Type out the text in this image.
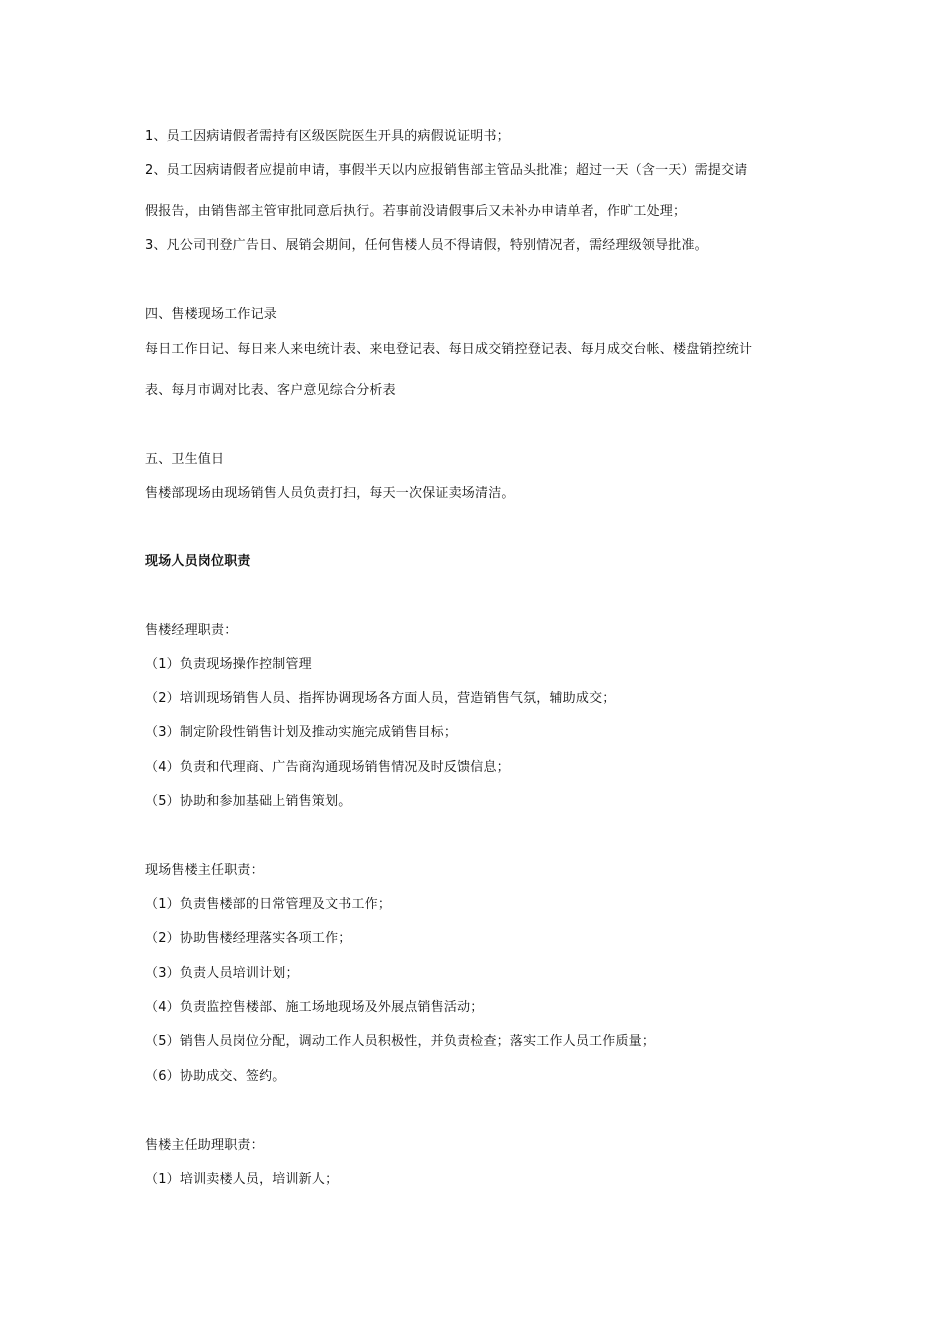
1、员工因病请假者需持有区级医院医生开具的病假说证明书；
2、员工因病请假者应提前申请，事假半天以内应报销售部主管品头批准；超过一天（含一天）需提交请
假报告，由销售部主管审批同意后执行。若事前没请假事后又未补办申请单者，作旷工处理；
3、凡公司刊登广告日、展销会期间，任何售楼人员不得请假，特别情况者，需经理级领导批准。
四、售楼现场工作记录
每日工作日记、每日来人来电统计表、来电登记表、每日成交销控登记表、每月成交台帐、楼盘销控统计
表、每月市调对比表、客户意见综合分析表
五、卫生值日
售楼部现场由现场销售人员负责打扫，每天一次保证卖场清洁。
现场人员岗位职责
售楼经理职责：
（1）负责现场操作控制管理
（2）培训现场销售人员、指挥协调现场各方面人员，营造销售气氛，辅助成交；
（3）制定阶段性销售计划及推动实施完成销售目标；
（4）负责和代理商、广告商沟通现场销售情况及时反馈信息；
（5）协助和参加基础上销售策划。
现场售楼主任职责：
（1）负责售楼部的日常管理及文书工作；
（2）协助售楼经理落实各项工作；
（3）负责人员培训计划；
（4）负责监控售楼部、施工场地现场及外展点销售活动；
（5）销售人员岗位分配，调动工作人员积极性，并负责检查；落实工作人员工作质量；
（6）协助成交、签约。
售楼主任助理职责：
（1）培训卖楼人员，培训新人；
